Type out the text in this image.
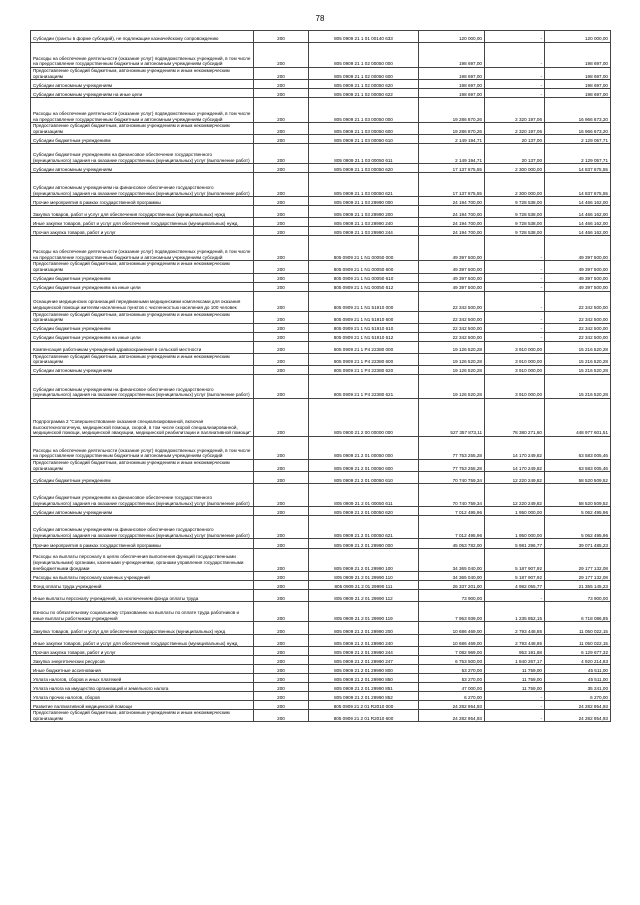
78
Субсидии (гранты в форме субсидий), не подлежащие казначейскому сопровождению	200	805 0909 21 1 01 00140 633	120 000,00	-	120 000,00
Расходы на обеспечение деятельности (оказание услуг) подведомственных учреждений, в том числе на предоставление государственным бюджетным и автономным учреждениям субсидий	200	805 0909 21 1 02 00050 000	198 697,00	-	198 697,00
Предоставление субсидий бюджетным, автономным учреждениям и иным некоммерческим организациям	200	805 0909 21 1 02 00050 600	198 697,00	-	198 697,00
Субсидии автономным учреждениям	200	805 0909 21 1 02 00050 620	198 697,00	-	198 697,00
Субсидии автономным учреждениям на иные цели	200	805 0909 21 1 02 00050 622	198 697,00	-	198 697,00
Расходы на обеспечение деятельности (оказание услуг) подведомственных учреждений, в том числе на предоставление государственным бюджетным и автономным учреждениям субсидий	200	805 0909 21 1 03 00050 000	19 286 870,26	2 320 197,06	16 966 673,20
Предоставление субсидий бюджетным, автономным учреждениям и иным некоммерческим организациям	200	805 0909 21 1 03 00050 600	19 286 870,26	2 320 197,06	16 966 673,20
Субсидии бюджетным учреждениям	200	805 0909 21 1 03 00050 610	2 149 194,71	20 137,00	2 129 057,71
Субсидии бюджетным учреждениям на финансовое обеспечение государственного (муниципального) задания на оказание государственных (муниципальных) услуг (выполнение работ)	200	805 0909 21 1 03 00050 611	2 149 194,71	20 137,00	2 129 057,71
Субсидии автономным учреждениям	200	805 0909 21 1 03 00050 620	17 137 675,55	2 300 000,00	14 837 675,55
Субсидии автономным учреждениям на финансовое обеспечение государственного (муниципального) задания на оказание государственных (муниципальных) услуг (выполнение работ)	200	805 0909 21 1 03 00050 621	17 137 675,55	2 300 000,00	14 837 675,55
Прочие мероприятия в рамках государственной программы	200	805 0909 21 1 03 29990 000	24 194 700,00	9 728 538,00	14 466 162,00
Закупка товаров, работ и услуг для обеспечения государственных (муниципальных) нужд	200	805 0909 21 1 03 29990 200	24 194 700,00	9 728 538,00	14 466 162,00
Иные закупки товаров, работ и услуг для обеспечения государственных (муниципальных) нужд	200	805 0909 21 1 03 29990 240	24 194 700,00	9 728 538,00	14 466 162,00
Прочая закупка товаров, работ и услуг	200	805 0909 21 1 03 29990 244	24 194 700,00	9 728 538,00	14 466 162,00
Расходы на обеспечение деятельности (оказание услуг) подведомственных учреждений, в том числе на предоставление государственным бюджетным и автономным учреждениям субсидий	200	805 0909 21 1 N1 00050 000	49 397 500,00	-	49 397 500,00
Предоставление субсидий бюджетным, автономным учреждениям и иным некоммерческим организациям	200	805 0909 21 1 N1 00050 600	49 397 500,00	-	49 397 500,00
Субсидии бюджетным учреждениям	200	805 0909 21 1 N1 00050 610	49 397 500,00	-	49 397 500,00
Субсидии бюджетным учреждениям на иные цели	200	805 0909 21 1 N1 00050 612	49 397 500,00	-	49 397 500,00
Оснащение медицинских организаций передвижными медицинскими комплексами для оказания медицинской помощи жителям населенных пунктов с численностью населения до 100 человек	200	805 0909 21 1 N1 51910 000	22 342 500,00	-	22 342 500,00
Предоставление субсидий бюджетным, автономным учреждениям и иным некоммерческим организациям	200	805 0909 21 1 N1 51910 600	22 342 500,00	-	22 342 500,00
Субсидии бюджетным учреждениям	200	805 0909 21 1 N1 51910 610	22 342 500,00	-	22 342 500,00
Субсидии бюджетным учреждениям на иные цели	200	805 0909 21 1 N1 51910 612	22 342 500,00	-	22 342 500,00
Компенсация работникам учреждений здравоохранения в сельской местности	200	805 0909 21 1 P4 22380 000	19 126 520,28	3 910 000,00	15 216 520,28
Предоставление субсидий бюджетным, автономным учреждениям и иным некоммерческим организациям	200	805 0909 21 1 P4 22380 600	19 126 520,28	3 910 000,00	15 216 520,28
Субсидии автономным учреждениям	200	805 0909 21 1 P4 22380 620	19 126 520,28	3 910 000,00	15 216 520,28
Субсидии автономным учреждениям на финансовое обеспечение государственного (муниципального) задания на оказание государственных (муниципальных) услуг (выполнение работ)	200	805 0909 21 1 P4 22380 621	19 126 520,28	3 910 000,00	15 216 520,28
Подпрограмма 2 "Совершенствование оказания специализированной, включая высокотехнологичную, медицинской помощи, скорой, в том числе скорой специализированной, медицинской помощи, медицинской эвакуации, медицинской реабилитации и паллиативной помощи"	200	805 0900 21 2 00 00000 000	527 357 873,11	78 380 271,60	448 977 601,51
Расходы на обеспечение деятельности (оказание услуг) подведомственных учреждений, в том числе на предоставление государственным бюджетным и автономным учреждениям субсидий	200	805 0909 21 2 01 00050 000	77 753 255,28	14 170 249,82	63 583 005,46
Предоставление субсидий бюджетным, автономным учреждениям и иным некоммерческим организациям	200	805 0909 21 2 01 00050 600	77 753 255,28	14 170 249,82	63 583 005,46
Субсидии бюджетным учреждениям	200	805 0909 21 2 01 00050 610	70 740 759,34	12 220 249,82	58 520 509,52
Субсидии бюджетным учреждениям на финансовое обеспечение государственного (муниципального) задания на оказание государственных (муниципальных) услуг (выполнение работ)	200	805 0909 21 2 01 00050 611	70 740 759,34	12 220 249,82	58 520 509,52
Субсидии автономным учреждениям	200	805 0909 21 2 01 00050 620	7 012 495,96	1 950 000,00	5 062 495,96
Субсидии автономным учреждениям на финансовое обеспечение государственного (муниципального) задания на оказание государственных (муниципальных) услуг (выполнение работ)	200	805 0909 21 2 01 00050 621	7 012 495,96	1 950 000,00	5 062 495,96
Прочие мероприятия в рамках государственной программы	200	805 0909 21 2 01 29990 000	45 053 782,00	5 981 296,77	39 071 485,23
Расходы на выплаты персоналу в целях обеспечения выполнения функций государственными (муниципальными) органами, казенными учреждениями, органами управления государственными внебюджетными фондами	200	805 0909 21 2 01 29990 100	34 365 040,00	5 187 907,92	29 177 132,08
Расходы на выплаты персоналу казенных учреждений	200	805 0909 21 2 01 29990 110	34 365 040,00	5 187 907,92	29 177 132,08
Фонд оплаты труда учреждений	200	805 0909 21 2 01 29990 111	26 337 201,00	4 982 055,77	21 355 145,23
Иные выплаты персоналу учреждений, за исключением фонда оплаты труда	200	805 0909 21 2 01 29990 112	73 900,00	-	73 900,00
Взносы по обязательному социальному страхованию на выплаты по оплате труда работников и иные выплаты работникам учреждений	200	805 0909 21 2 01 29990 119	7 953 939,00	1 235 852,15	6 718 086,85
Закупка товаров, работ и услуг для обеспечения государственных (муниципальных) нужд	200	805 0909 21 2 01 29990 200	10 686 469,00	2 793 448,85	11 050 022,15
Иные закупки товаров, работ и услуг для обеспечения государственных (муниципальных) нужд	200	805 0909 21 2 01 29990 240	10 686 469,00	2 793 448,85	11 050 022,15
Прочая закупка товаров, работ и услуг	200	805 0909 21 2 01 29990 244	7 082 969,00	953 191,68	6 129 677,32
Закупка энергетических ресурсов	200	805 0909 21 2 01 29990 247	6 753 500,00	1 840 267,17	4 920 214,83
Иные бюджетные ассигнования	200	805 0909 21 2 01 29990 800	53 270,00	11 759,00	45 511,00
Уплата налогов, сборов и иных платежей	200	805 0909 21 2 01 29990 850	53 270,00	11 759,00	45 511,00
Уплата налога на имущество организаций и земельного налога	200	805 0909 21 2 01 29990 851	47 000,00	11 759,00	35 241,00
Уплата прочих налогов, сборов	200	805 0909 21 2 01 29990 852	6 270,00	-	6 270,00
Развитие паллиативной медицинской помощи	200	805 0909 21 2 01 R2010 000	24 282 954,93	-	24 282 954,93
Предоставление субсидий бюджетным, автономным учреждениям и иным некоммерческим организациям	200	805 0909 21 2 01 R2010 600	24 282 954,93	-	24 282 954,93
